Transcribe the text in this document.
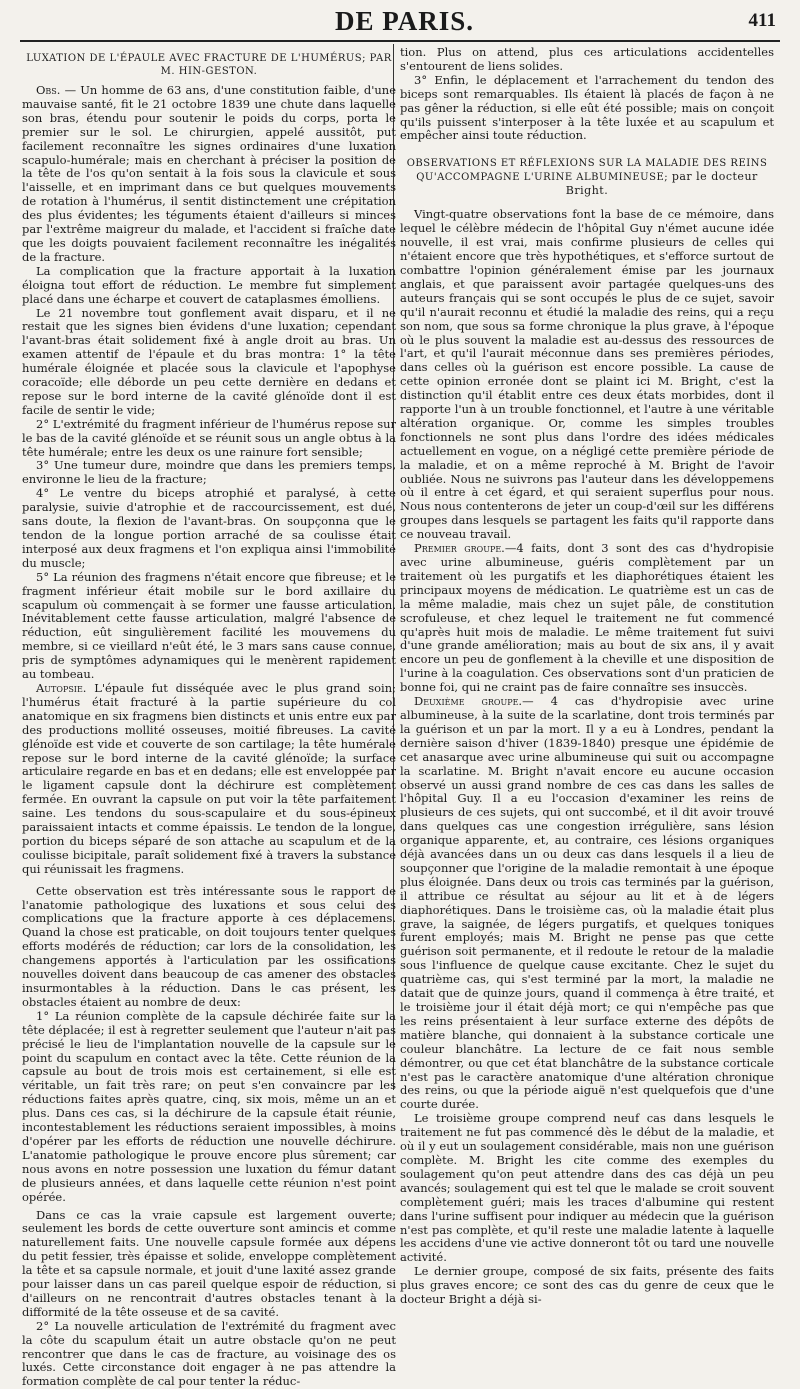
DE PARIS.	411

LUXATION DE L'ÉPAULE AVEC FRACTURE DE L'HUMÉRUS; PAR M. HIN-GESTON.

Obs. — Un homme de 63 ans, d'une constitution faible, d'une mauvaise santé, fit le 21 octobre 1839 une chute dans laquelle son bras, étendu pour soutenir le poids du corps, porta le premier sur le sol. Le chirurgien, appelé aussitôt, put facilement reconnaître les signes ordinaires d'une luxation scapulo-humérale; mais en cherchant à préciser la position de la tête de l'os qu'on sentait à la fois sous la clavicule et sous l'aisselle, et en imprimant dans ce but quelques mouvements de rotation à l'humérus, il sentit distinctement une crépitation des plus évidentes; les téguments étaient d'ailleurs si minces par l'extrême maigreur du malade, et l'accident si fraîche date que les doigts pouvaient facilement reconnaître les inégalités de la fracture.

La complication que la fracture apportait à la luxation éloigna tout effort de réduction. Le membre fut simplement placé dans une écharpe et couvert de cataplasmes émolliens.

Le 21 novembre tout gonflement avait disparu, et il ne restait que les signes bien évidens d'une luxation; cependant l'avant-bras était solidement fixé à angle droit au bras. Un examen attentif de l'épaule et du bras montra: 1° la tête humérale éloignée et placée sous la clavicule et l'apophyse coracoïde; elle déborde un peu cette dernière en dedans et repose sur le bord interne de la cavité glénoïde dont il est facile de sentir le vide;

2° L'extrémité du fragment inférieur de l'humérus repose sur le bas de la cavité glénoïde et se réunit sous un angle obtus à la tête humérale; entre les deux os une rainure fort sensible;

3° Une tumeur dure, moindre que dans les premiers temps, environne le lieu de la fracture;

4° Le ventre du biceps atrophié et paralysé, à cette paralysie, suivie d'atrophie et de raccourcissement, est dué, sans doute, la flexion de l'avant-bras. On soupçonna que le tendon de la longue portion arraché de sa coulisse était interposé aux deux fragmens et l'on expliqua ainsi l'immobilité du muscle;

5° La réunion des fragmens n'était encore que fibreuse; et le fragment inférieur était mobile sur le bord axillaire du scapulum où commençait à se former une fausse articulation. Inévitablement cette fausse articulation, malgré l'absence de réduction, eût singulièrement facilité les mouvemens du membre, si ce vieillard n'eût été, le 3 mars sans cause connue, pris de symptômes adynamiques qui le menèrent rapidement au tombeau.

Autopsie. L'épaule fut disséquée avec le plus grand soin; l'humérus était fracturé à la partie supérieure du col anatomique en six fragmens bien distincts et unis entre eux par des productions mollité osseuses, moitié fibreuses. La cavité glénoïde est vide et couverte de son cartilage; la tête humérale repose sur le bord interne de la cavité glénoïde; la surface articulaire regarde en bas et en dedans; elle est enveloppée par le ligament capsule dont la déchirure est complètement fermée. En ouvrant la capsule on put voir la tête parfaitement saine. Les tendons du sous-scapulaire et du sous-épineux paraissaient intacts et comme épaissis. Le tendon de la longue, portion du biceps séparé de son attache au scapulum et de la coulisse bicipitale, paraît solidement fixé à travers la substance qui réunissait les fragmens.

Cette observation est très intéressante sous le rapport de l'anatomie pathologique des luxations et sous celui des complications que la fracture apporte à ces déplacemens. Quand la chose est praticable, on doit toujours tenter quelques efforts modérés de réduction; car lors de la consolidation, les changemens apportés à l'articulation par les ossifications nouvelles doivent dans beaucoup de cas amener des obstacles insurmontables à la réduction. Dans le cas présent, les obstacles étaient au nombre de deux:

1° La réunion complète de la capsule déchirée faite sur la tête déplacée; il est à regretter seulement que l'auteur n'ait pas précisé le lieu de l'implantation nouvelle de la capsule sur le point du scapulum en contact avec la tête. Cette réunion de la capsule au bout de trois mois est certainement, si elle est véritable, un fait très rare; on peut s'en convaincre par les réductions faites après quatre, cinq, six mois, même un an et plus. Dans ces cas, si la déchirure de la capsule était réunie, incontestablement les réductions seraient impossibles, à moins d'opérer par les efforts de réduction une nouvelle déchirure. L'anatomie pathologique le prouve encore plus sûrement; car nous avons en notre possession une luxation du fémur datant de plusieurs années, et dans laquelle cette réunion n'est point opérée.

Dans ce cas la vraie capsule est largement ouverte; seulement les bords de cette ouverture sont amincis et comme naturellement faits. Une nouvelle capsule formée aux dépens du petit fessier, très épaisse et solide, enveloppe complètement la tête et sa capsule normale, et jouit d'une laxité assez grande pour laisser dans un cas pareil quelque espoir de réduction, si d'ailleurs on ne rencontrait d'autres obstacles tenant à la difformité de la tête osseuse et de sa cavité.

2° La nouvelle articulation de l'extrémité du fragment avec la côte du scapulum était un autre obstacle qu'on ne peut rencontrer que dans le cas de fracture, au voisinage des os luxés. Cette circonstance doit engager à ne pas attendre la formation complète de cal pour tenter la réduc-

tion. Plus on attend, plus ces articulations accidentelles s'entourent de liens solides.

3° Enfin, le déplacement et l'arrachement du tendon des biceps sont remarquables. Ils étaient là placés de façon à ne pas gêner la réduction, si elle eût été possible; mais on conçoit qu'ils puissent s'interposer à la tête luxée et au scapulum et empêcher ainsi toute réduction.

OBSERVATIONS ET RÉFLEXIONS SUR LA MALADIE DES REINS QU'ACCOMPAGNE L'URINE ALBUMINEUSE; par le docteur Bright.

Vingt-quatre observations font la base de ce mémoire, dans lequel le célèbre médecin de l'hôpital Guy n'émet aucune idée nouvelle, il est vrai, mais confirme plusieurs de celles qui n'étaient encore que très hypothétiques, et s'efforce surtout de combattre l'opinion généralement émise par les journaux anglais, et que paraissent avoir partagée quelques-uns des auteurs français qui se sont occupés le plus de ce sujet, savoir qu'il n'aurait reconnu et étudié la maladie des reins, qui a reçu son nom, que sous sa forme chronique la plus grave, à l'époque où le plus souvent la maladie est au-dessus des ressources de l'art, et qu'il l'aurait méconnue dans ses premières périodes, dans celles où la guérison est encore possible. La cause de cette opinion erronée dont se plaint ici M. Bright, c'est la distinction qu'il établit entre ces deux états morbides, dont il rapporte l'un à un trouble fonctionnel, et l'autre à une véritable altération organique. Or, comme les simples troubles fonctionnels ne sont plus dans l'ordre des idées médicales actuellement en vogue, on a négligé cette première période de la maladie, et on a même reproché à M. Bright de l'avoir oubliée. Nous ne suivrons pas l'auteur dans les développemens où il entre à cet égard, et qui seraient superflus pour nous. Nous nous contenterons de jeter un coup-d'œil sur les différens groupes dans lesquels se partagent les faits qu'il rapporte dans ce nouveau travail.

Premier groupe.—4 faits, dont 3 sont des cas d'hydropisie avec urine albumineuse, guéris complètement par un traitement où les purgatifs et les diaphorétiques étaient les principaux moyens de médication. Le quatrième est un cas de la même maladie, mais chez un sujet pâle, de constitution scrofuleuse, et chez lequel le traitement ne fut commencé qu'après huit mois de maladie. Le même traitement fut suivi d'une grande amélioration; mais au bout de six ans, il y avait encore un peu de gonflement à la cheville et une disposition de l'urine à la coagulation. Ces observations sont d'un praticien de bonne foi, qui ne craint pas de faire connaître ses insuccès.

Deuxième groupe.— 4 cas d'hydropisie avec urine albumineuse, à la suite de la scarlatine, dont trois terminés par la guérison et un par la mort. Il y a eu à Londres, pendant la dernière saison d'hiver (1839-1840) presque une épidémie de cet anasarque avec urine albumineuse qui suit ou accompagne la scarlatine. M. Bright n'avait encore eu aucune occasion observé un aussi grand nombre de ces cas dans les salles de l'hôpital Guy. Il a eu l'occasion d'examiner les reins de plusieurs de ces sujets, qui ont succombé, et il dit avoir trouvé dans quelques cas une congestion irrégulière, sans lésion organique apparente, et, au contraire, ces lésions organiques déjà avancées dans un ou deux cas dans lesquels il a lieu de soupçonner que l'origine de la maladie remontait à une époque plus éloignée. Dans deux ou trois cas terminés par la guérison, il attribue ce résultat au séjour au lit et à de légers diaphorétiques. Dans le troisième cas, où la maladie était plus grave, la saignée, de légers purgatifs, et quelques toniques furent employés; mais M. Bright ne pense pas que cette guérison soit permanente, et il redoute le retour de la maladie sous l'influence de quelque cause excitante. Chez le sujet du quatrième cas, qui s'est terminé par la mort, la maladie ne datait que de quinze jours, quand il commença à être traité, et le troisième jour il était déjà mort; ce qui n'empêche pas que les reins présentaient à leur surface externe des dépôts de matière blanche, qui donnaient à la substance corticale une couleur blanchâtre. La lecture de ce fait nous semble démontrer, ou que cet état blanchâtre de la substance corticale n'est pas le caractère anatomique d'une altération chronique des reins, ou que la période aiguë n'est quelquefois que d'une courte durée.

Le troisième groupe comprend neuf cas dans lesquels le traitement ne fut pas commencé dès le début de la maladie, et où il y eut un soulagement considérable, mais non une guérison complète. M. Bright les cite comme des exemples du soulagement qu'on peut attendre dans des cas déjà un peu avancés; soulagement qui est tel que le malade se croit souvent complètement guéri; mais les traces d'albumine qui restent dans l'urine suffisent pour indiquer au médecin que la guérison n'est pas complète, et qu'il reste une maladie latente à laquelle les accidens d'une vie active donneront tôt ou tard une nouvelle activité.

Le dernier groupe, composé de six faits, présente des faits plus graves encore; ce sont des cas du genre de ceux que le docteur Bright a déjà si-
